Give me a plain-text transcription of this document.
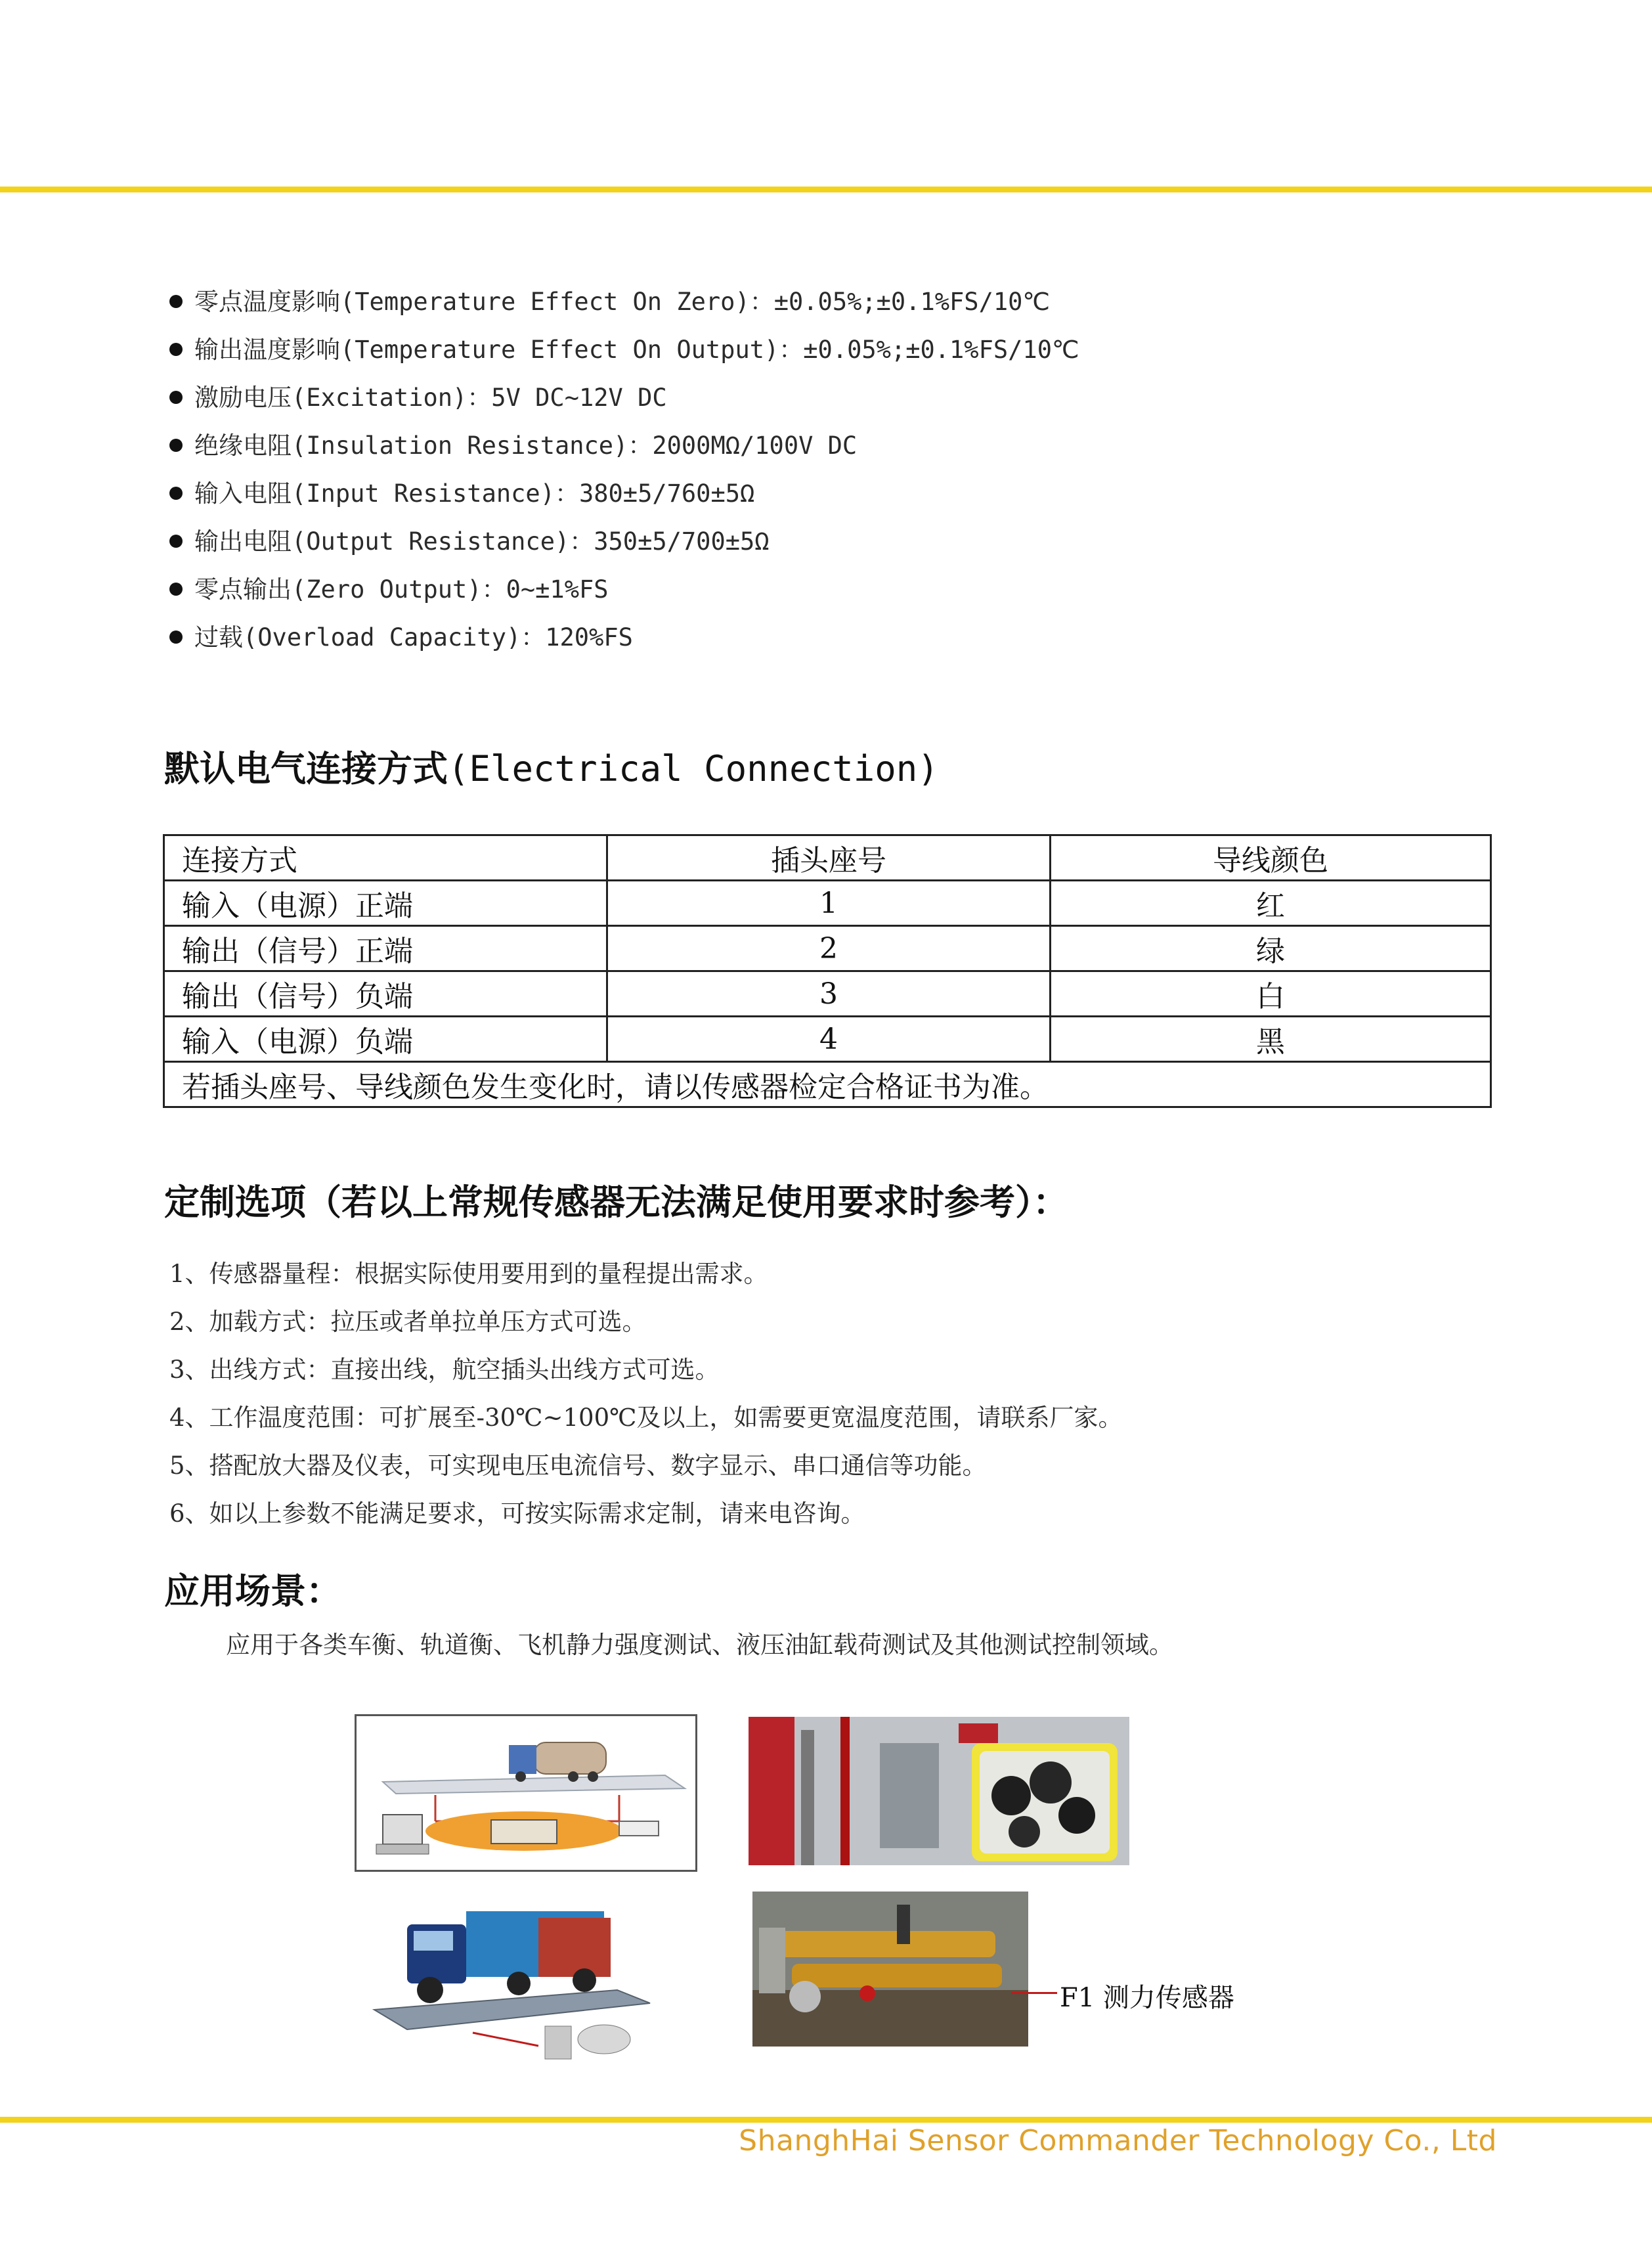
零点温度影响(Temperature Effect On Zero)：±0.05%;±0.1%FS/10℃
输出温度影响(Temperature Effect On Output)：±0.05%;±0.1%FS/10℃
激励电压(Excitation)：5V DC~12V DC
绝缘电阻(Insulation Resistance)：2000MΩ/100V DC
输入电阻(Input Resistance)：380±5/760±5Ω
输出电阻(Output Resistance)：350±5/700±5Ω
零点输出(Zero Output)：0~±1%FS
过载(Overload Capacity)：120%FS
默认电气连接方式(Electrical Connection)
连接方式	插头座号	导线颜色
输入（电源）正端	1	红
输出（信号）正端	2	绿
输出（信号）负端	3	白
输入（电源）负端	4	黑
若插头座号、导线颜色发生变化时，请以传感器检定合格证书为准。		
定制选项（若以上常规传感器无法满足使用要求时参考）：
1、传感器量程：根据实际使用要用到的量程提出需求。
2、加载方式：拉压或者单拉单压方式可选。
3、出线方式：直接出线，航空插头出线方式可选。
4、工作温度范围：可扩展至-30℃~100℃及以上，如需要更宽温度范围，请联系厂家。
5、搭配放大器及仪表，可实现电压电流信号、数字显示、串口通信等功能。
6、如以上参数不能满足要求，可按实际需求定制，请来电咨询。
应用场景：
应用于各类车衡、轨道衡、飞机静力强度测试、液压油缸载荷测试及其他测试控制领域。
F1 测力传感器
ShanghHai Sensor Commander Technology Co., Ltd
